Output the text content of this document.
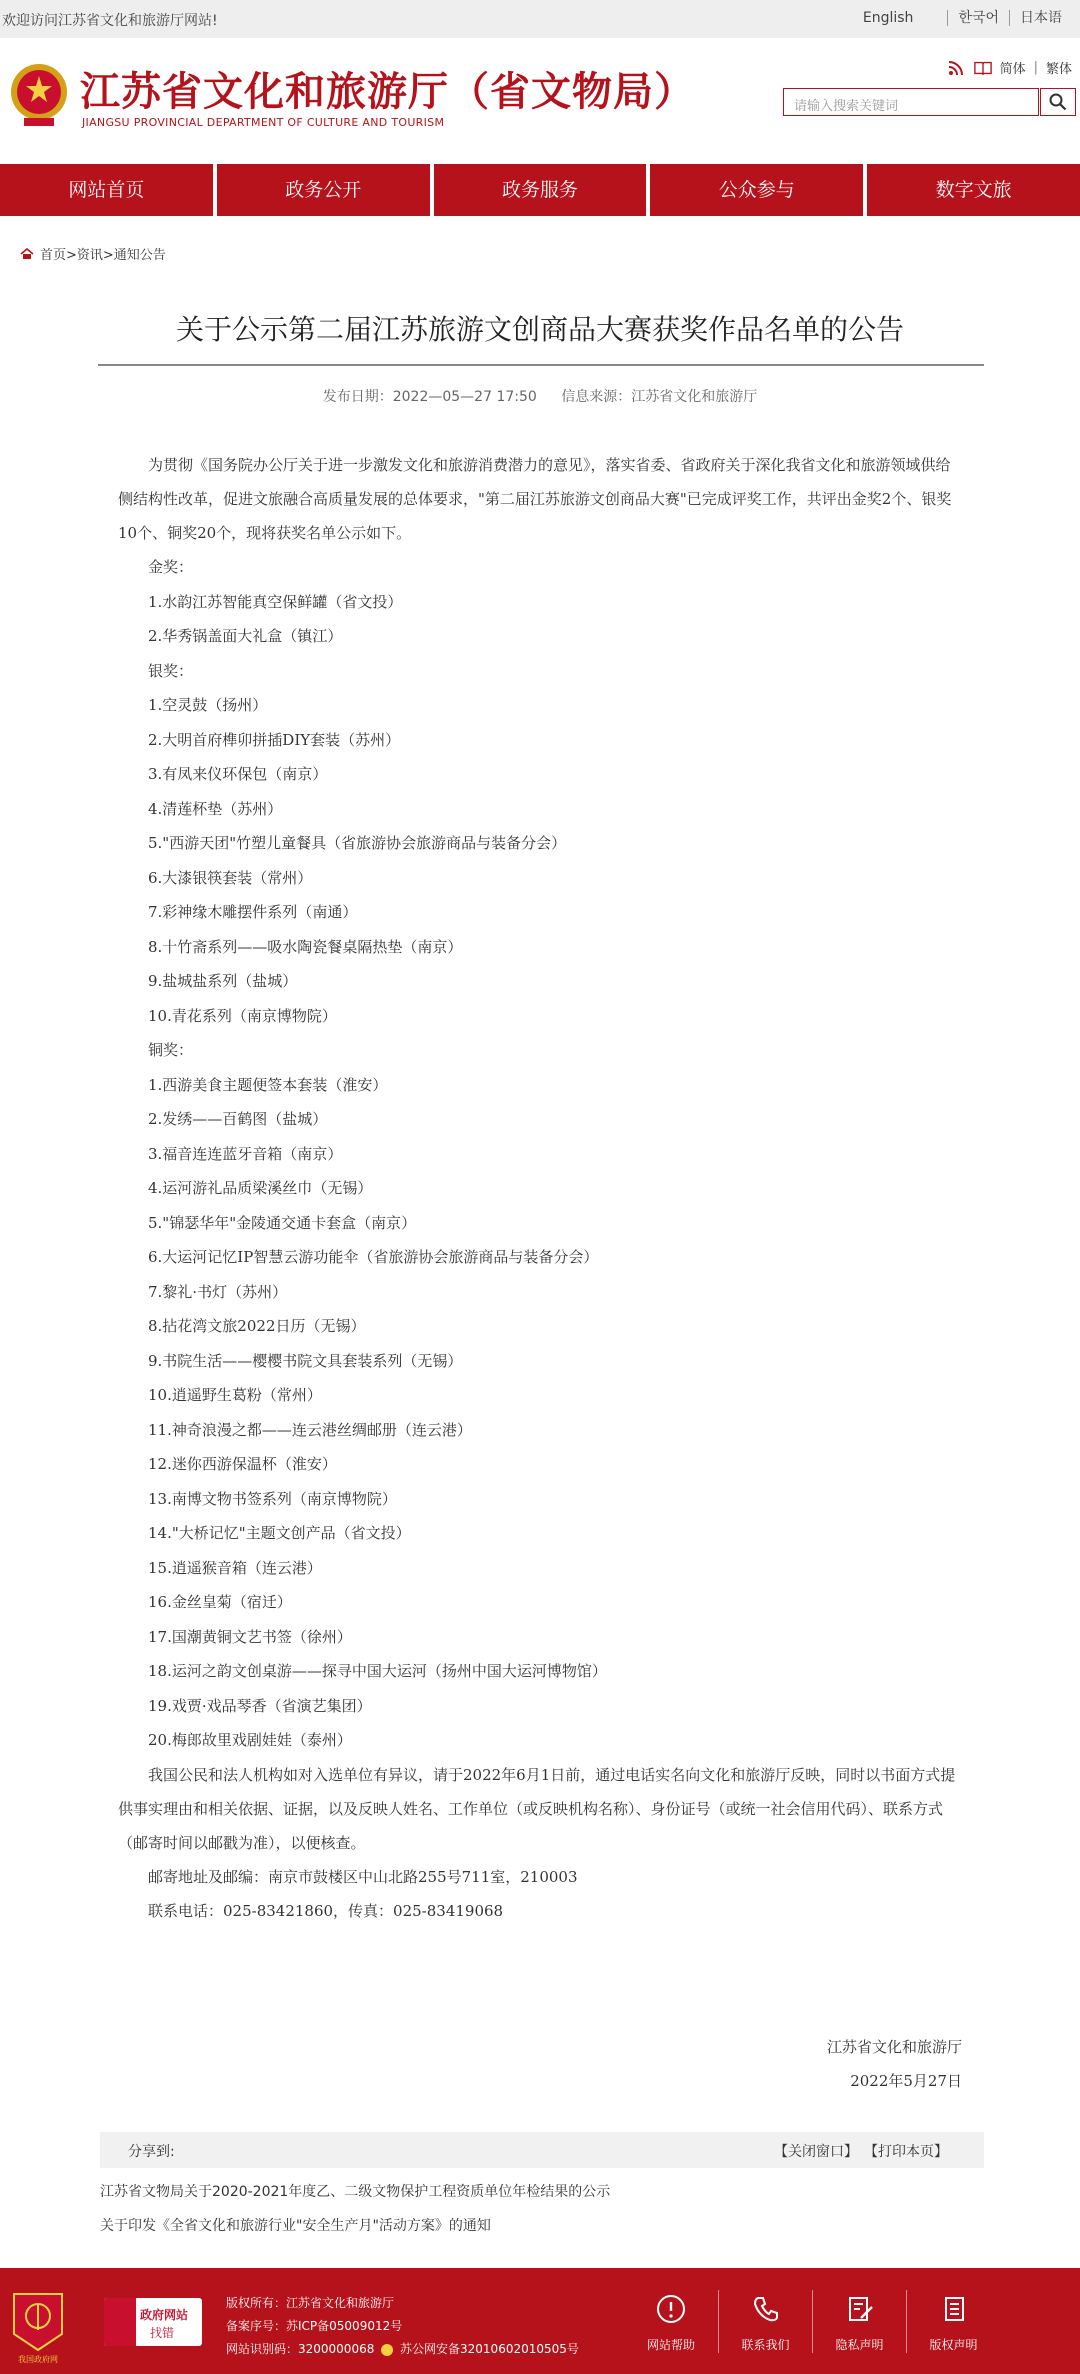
欢迎访问江苏省文化和旅游厅网站!	English	한국어	日本语
江苏省文化和旅游厅（省文物局）
JIANGSU PROVINCIAL DEPARTMENT OF CULTURE AND TOURISM
简体 | 繁体
请输入搜索关键词
网站首页	政务公开	政务服务	公众参与	数字文旅
首页>资讯>通知公告
关于公示第二届江苏旅游文创商品大赛获奖作品名单的公告
发布日期：2022—05—27 17:50 信息来源：江苏省文化和旅游厅

为贯彻《国务院办公厅关于进一步激发文化和旅游消费潜力的意见》，落实省委、省政府关于深化我省文化和旅游领域供给侧结构性改革，促进文旅融合高质量发展的总体要求，"第二届江苏旅游文创商品大赛"已完成评奖工作，共评出金奖2个、银奖10个、铜奖20个，现将获奖名单公示如下。

金奖：
1.水韵江苏智能真空保鲜罐（省文投）
2.华秀锅盖面大礼盒（镇江）
银奖：
1.空灵鼓（扬州）
2.大明首府榫卯拼插DIY套装（苏州）
3.有凤来仪环保包（南京）
4.清莲杯垫（苏州）
5."西游天团"竹塑儿童餐具（省旅游协会旅游商品与装备分会）
6.大漆银筷套装（常州）
7.彩神缘木雕摆件系列（南通）
8.十竹斋系列——吸水陶瓷餐桌隔热垫（南京）
9.盐城盐系列（盐城）
10.青花系列（南京博物院）
铜奖：
1.西游美食主题便签本套装（淮安）
2.发绣——百鹤图（盐城）
3.福音连连蓝牙音箱（南京）
4.运河游礼品质梁溪丝巾（无锡）
5."锦瑟华年"金陵通交通卡套盒（南京）
6.大运河记忆IP智慧云游功能伞（省旅游协会旅游商品与装备分会）
7.黎礼·书灯（苏州）
8.拈花湾文旅2022日历（无锡）
9.书院生活——樱樱书院文具套装系列（无锡）
10.逍遥野生葛粉（常州）
11.神奇浪漫之都——连云港丝绸邮册（连云港）
12.迷你西游保温杯（淮安）
13.南博文物书签系列（南京博物院）
14."大桥记忆"主题文创产品（省文投）
15.逍遥猴音箱（连云港）
16.金丝皇菊（宿迁）
17.国潮黄铜文艺书签（徐州）
18.运河之韵文创桌游——探寻中国大运河（扬州中国大运河博物馆）
19.戏贾·戏品琴香（省演艺集团）
20.梅郎故里戏剧娃娃（泰州）

我国公民和法人机构如对入选单位有异议，请于2022年6月1日前，通过电话实名向文化和旅游厅反映，同时以书面方式提供事实理由和相关依据、证据，以及反映人姓名、工作单位（或反映机构名称）、身份证号（或统一社会信用代码）、联系方式（邮寄时间以邮戳为准），以便核查。

邮寄地址及邮编：南京市鼓楼区中山北路255号711室，210003
联系电话：025-83421860，传真：025-83419068
江苏省文化和旅游厅
2022年5月27日
分享到:	【关闭窗口】 【打印本页】
江苏省文物局关于2020-2021年度乙、二级文物保护工程资质单位年检结果的公示
关于印发《全省文化和旅游行业"安全生产月"活动方案》的通知
我国政府网
政府网站
找错
版权所有：江苏省文化和旅游厅
备案序号：苏ICP备05009012号
网站识别码：3200000068 苏公网安备32010602010505号	网站帮助	联系我们	隐私声明	版权声明
